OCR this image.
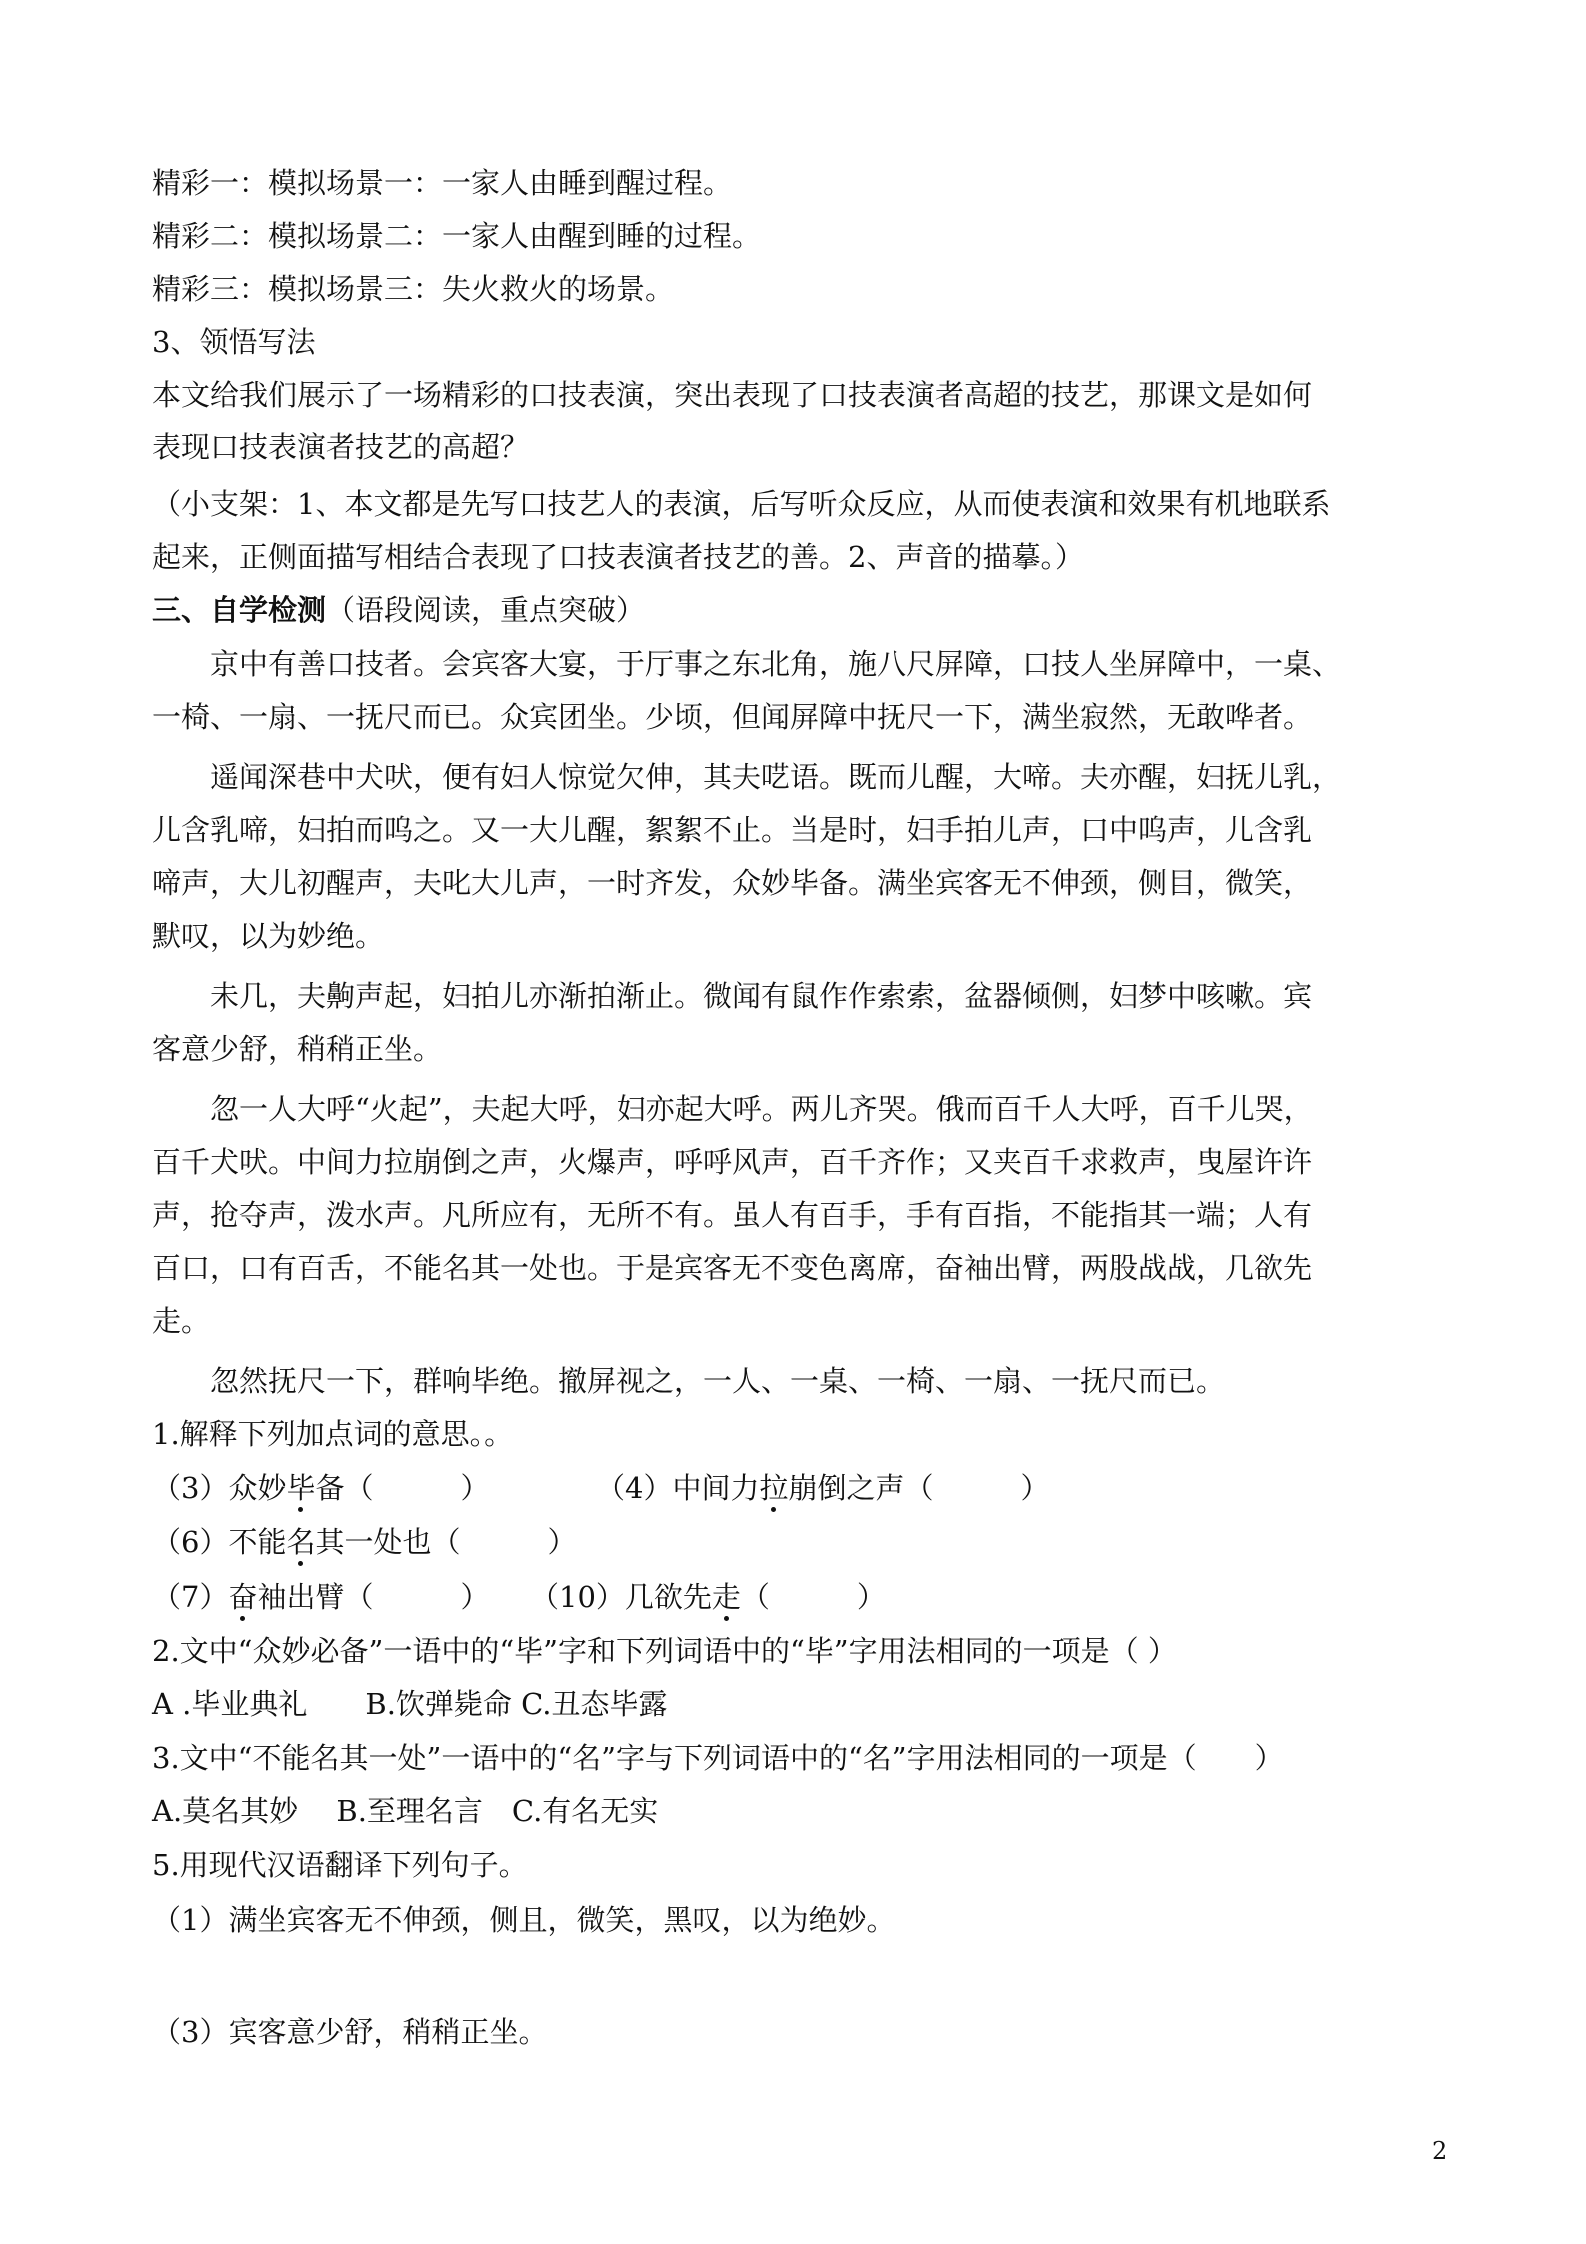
精彩一：模拟场景一：一家人由睡到醒过程。
精彩二：模拟场景二：一家人由醒到睡的过程。
精彩三：模拟场景三：失火救火的场景。
3、领悟写法
本文给我们展示了一场精彩的口技表演，突出表现了口技表演者高超的技艺，那课文是如何
表现口技表演者技艺的高超？
（小支架：1、本文都是先写口技艺人的表演，后写听众反应，从而使表演和效果有机地联系
起来，正侧面描写相结合表现了口技表演者技艺的善。2、声音的描摹。）
三、自学检测（语段阅读，重点突破）
京中有善口技者。会宾客大宴，于厅事之东北角，施八尺屏障，口技人坐屏障中，一桌、
一椅、一扇、一抚尺而已。众宾团坐。少顷，但闻屏障中抚尺一下，满坐寂然，无敢哗者。
遥闻深巷中犬吠，便有妇人惊觉欠伸，其夫呓语。既而儿醒，大啼。夫亦醒，妇抚儿乳，
儿含乳啼，妇拍而呜之。又一大儿醒，絮絮不止。当是时，妇手拍儿声，口中呜声，儿含乳
啼声，大儿初醒声，夫叱大儿声，一时齐发，众妙毕备。满坐宾客无不伸颈，侧目，微笑，
默叹，以为妙绝。
未几，夫齁声起，妇拍儿亦渐拍渐止。微闻有鼠作作索索，盆器倾侧，妇梦中咳嗽。宾
客意少舒，稍稍正坐。
忽一人大呼“火起”，夫起大呼，妇亦起大呼。两儿齐哭。俄而百千人大呼，百千儿哭，
百千犬吠。中间力拉崩倒之声，火爆声，呼呼风声，百千齐作；又夹百千求救声，曳屋许许
声，抢夺声，泼水声。凡所应有，无所不有。虽人有百手，手有百指，不能指其一端；人有
百口，口有百舌，不能名其一处也。于是宾客无不变色离席，奋袖出臂，两股战战，几欲先
走。
忽然抚尺一下，群响毕绝。撤屏视之，一人、一桌、一椅、一扇、一抚尺而已。
1.解释下列加点词的意思。。
（3）众妙毕备（　　　）	（4）中间力拉崩倒之声（　　　）
（6）不能名其一处也（　　　）
（7）奋袖出臂（　　　） （10）几欲先走（　　　）
2.文中“众妙必备”一语中的“毕”字和下列词语中的“毕”字用法相同的一项是（ ）
A .毕业典礼　　B.饮弹毙命 C.丑态毕露
3.文中“不能名其一处”一语中的“名”字与下列词语中的“名”字用法相同的一项是（　　）
A.莫名其妙　 B.至理名言　C.有名无实
5.用现代汉语翻译下列句子。
（1）满坐宾客无不伸颈，侧且，微笑，黑叹，以为绝妙。
（3）宾客意少舒，稍稍正坐。
2
